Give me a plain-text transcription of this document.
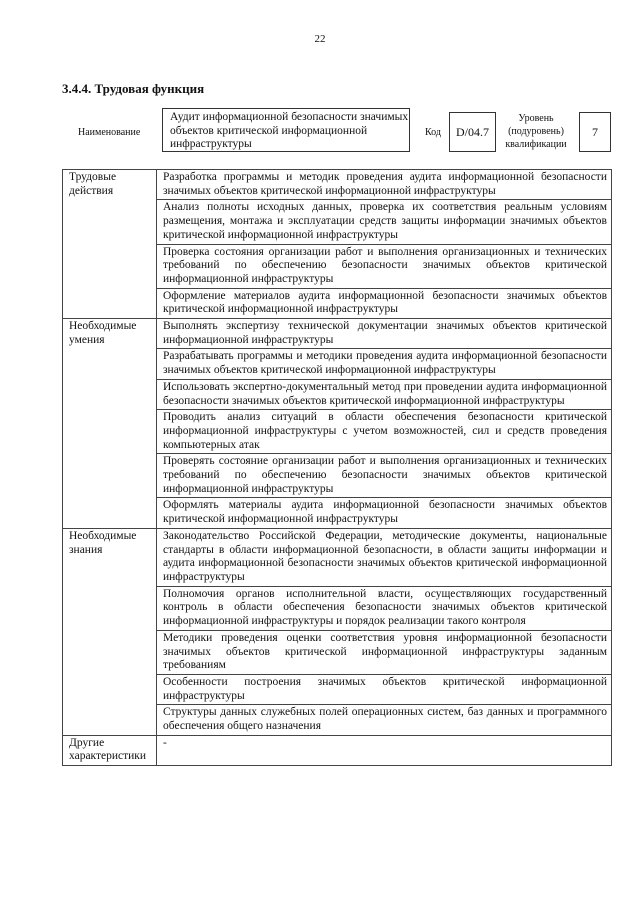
22
3.4.4. Трудовая функция
Наименование
Аудит информационной безопасности значимых объектов критической информационной инфраструктуры
Код	D/04.7
Уровень (подуровень) квалификации
7
Трудовые действия	Разработка программы и методик проведения аудита информационной безопасности значимых объектов критической информационной инфраструктуры
	Анализ полноты исходных данных, проверка их соответствия реальным условиям размещения, монтажа и эксплуатации средств защиты информации значимых объектов критической информационной инфраструктуры
	Проверка состояния организации работ и выполнения организационных и технических требований по обеспечению безопасности значимых объектов критической информационной инфраструктуры
	Оформление материалов аудита информационной безопасности значимых объектов критической информационной инфраструктуры
Необходимые умения	Выполнять экспертизу технической документации значимых объектов критической информационной инфраструктуры
	Разрабатывать программы и методики проведения аудита информационной безопасности значимых объектов критической информационной инфраструктуры
	Использовать экспертно-документальный метод при проведении аудита информационной безопасности значимых объектов критической информационной инфраструктуры
	Проводить анализ ситуаций в области обеспечения безопасности критической информационной инфраструктуры с учетом возможностей, сил и средств проведения компьютерных атак
	Проверять состояние организации работ и выполнения организационных и технических требований по обеспечению безопасности значимых объектов критической информационной инфраструктуры
	Оформлять материалы аудита информационной безопасности значимых объектов критической информационной инфраструктуры
Необходимые знания	Законодательство Российской Федерации, методические документы, национальные стандарты в области информационной безопасности, в области защиты информации и аудита информационной безопасности значимых объектов критической информационной инфраструктуры
	Полномочия органов исполнительной власти, осуществляющих государственный контроль в области обеспечения безопасности значимых объектов критической информационной инфраструктуры и порядок реализации такого контроля
	Методики проведения оценки соответствия уровня информационной безопасности значимых объектов критической информационной инфраструктуры заданным требованиям
	Особенности построения значимых объектов критической информационной инфраструктуры
	Структуры данных служебных полей операционных систем, баз данных и программного обеспечения общего назначения
Другие характеристики	-
